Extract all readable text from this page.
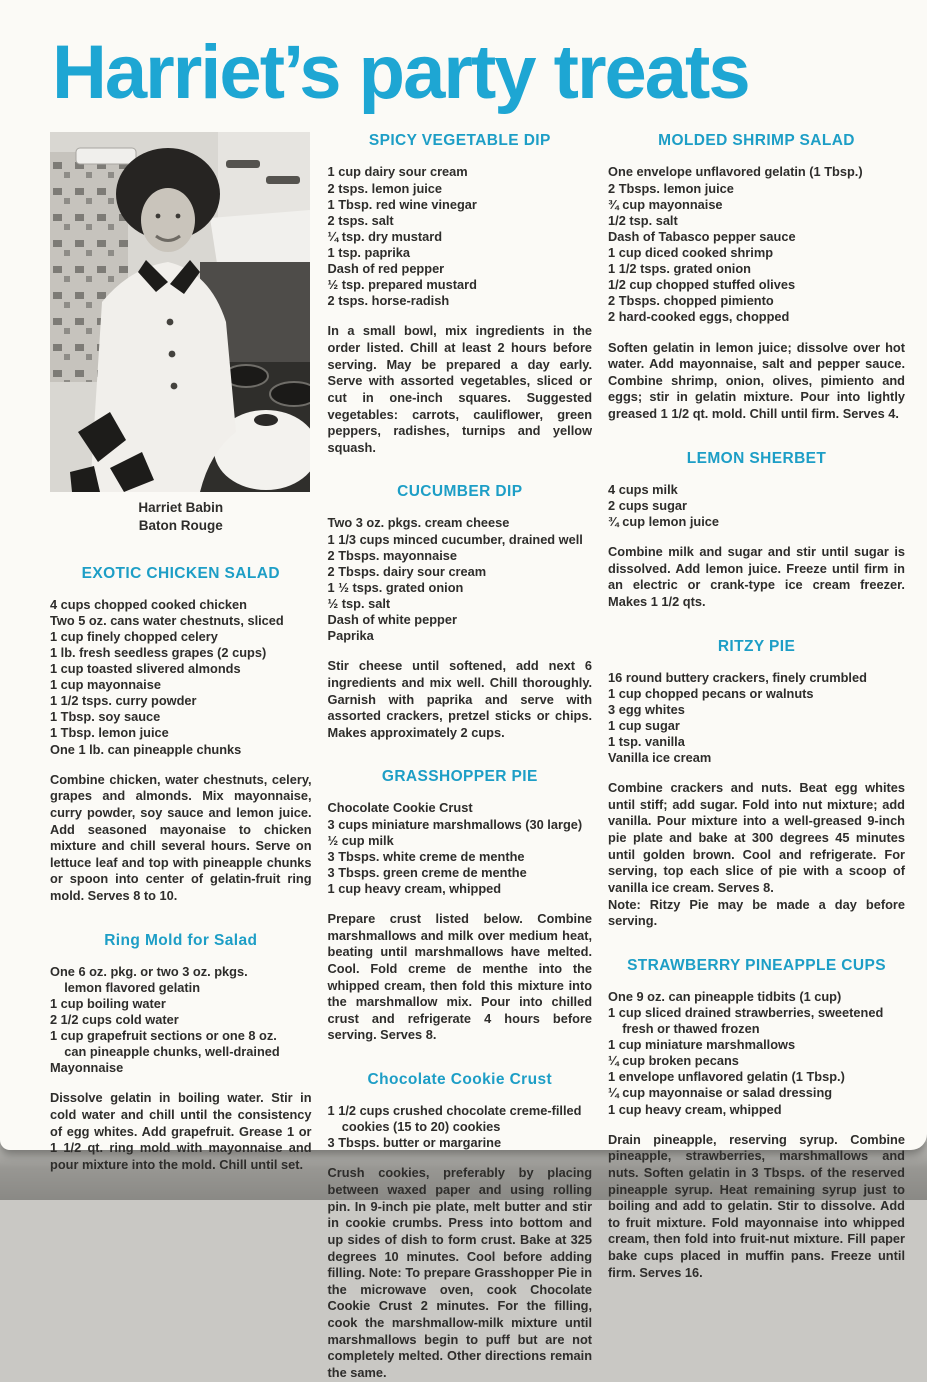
Harriet’s party treats
Harriet Babin
Baton Rouge
EXOTIC CHICKEN SALAD
4 cups chopped cooked chicken
Two 5 oz. cans water chestnuts, sliced
1 cup finely chopped celery
1 lb. fresh seedless grapes (2 cups)
1 cup toasted slivered almonds
1 cup mayonnaise
1 1/2 tsps. curry powder
1 Tbsp. soy sauce
1 Tbsp. lemon juice
One 1 lb. can pineapple chunks

Combine chicken, water chestnuts, celery, grapes and almonds. Mix mayonnaise, curry powder, soy sauce and lemon juice. Add seasoned mayonaise to chicken mixture and chill several hours. Serve on lettuce leaf and top with pineapple chunks or spoon into center of gelatin-fruit ring mold. Serves 8 to 10.

Ring Mold for Salad
One 6 oz. pkg. or two 3 oz. pkgs.
lemon flavored gelatin
1 cup boiling water
2 1/2 cups cold water
1 cup grapefruit sections or one 8 oz.
can pineapple chunks, well-drained
Mayonnaise

Dissolve gelatin in boiling water. Stir in cold water and chill until the consistency of egg whites. Add grapefruit. Grease 1 or 1 1/2 qt. ring mold with mayonnaise and pour mixture into the mold. Chill until set.

SPICY VEGETABLE DIP
1 cup dairy sour cream
2 tsps. lemon juice
1 Tbsp. red wine vinegar
2 tsps. salt
¼ tsp. dry mustard
1 tsp. paprika
Dash of red pepper
½ tsp. prepared mustard
2 tsps. horse-radish

In a small bowl, mix ingredients in the order listed. Chill at least 2 hours before serving. May be prepared a day early. Serve with assorted vegetables, sliced or cut in one-inch squares. Suggested vegetables: carrots, cauliflower, green peppers, radishes, turnips and yellow squash.

CUCUMBER DIP
Two 3 oz. pkgs. cream cheese
1 1/3 cups minced cucumber, drained well
2 Tbsps. mayonnaise
2 Tbsps. dairy sour cream
1 ½ tsps. grated onion
½ tsp. salt
Dash of white pepper
Paprika

Stir cheese until softened, add next 6 ingredients and mix well. Chill thoroughly. Garnish with paprika and serve with assorted crackers, pretzel sticks or chips. Makes approximately 2 cups.

GRASSHOPPER PIE
Chocolate Cookie Crust
3 cups miniature marshmallows (30 large)
½ cup milk
3 Tbsps. white creme de menthe
3 Tbsps. green creme de menthe
1 cup heavy cream, whipped

Prepare crust listed below. Combine marshmallows and milk over medium heat, beating until marshmallows have melted. Cool. Fold creme de menthe into the whipped cream, then fold this mixture into the marshmallow mix. Pour into chilled crust and refrigerate 4 hours before serving. Serves 8.

Chocolate Cookie Crust
1 1/2 cups crushed chocolate creme-filled
cookies (15 to 20) cookies
3 Tbsps. butter or margarine

Crush cookies, preferably by placing between waxed paper and using rolling pin. In 9-inch pie plate, melt butter and stir in cookie crumbs. Press into bottom and up sides of dish to form crust. Bake at 325 degrees 10 minutes. Cool before adding filling. Note: To prepare Grasshopper Pie in the microwave oven, cook Chocolate Cookie Crust 2 minutes. For the filling, cook the marshmallow-milk mixture until marshmallows begin to puff but are not completely melted. Other directions remain the same.

MOLDED SHRIMP SALAD
One envelope unflavored gelatin (1 Tbsp.)
2 Tbsps. lemon juice
¾ cup mayonnaise
1/2 tsp. salt
Dash of Tabasco pepper sauce
1 cup diced cooked shrimp
1 1/2 tsps. grated onion
1/2 cup chopped stuffed olives
2 Tbsps. chopped pimiento
2 hard-cooked eggs, chopped

Soften gelatin in lemon juice; dissolve over hot water. Add mayonnaise, salt and pepper sauce. Combine shrimp, onion, olives, pimiento and eggs; stir in gelatin mixture. Pour into lightly greased 1 1/2 qt. mold. Chill until firm. Serves 4.

LEMON SHERBET
4 cups milk
2 cups sugar
¾ cup lemon juice

Combine milk and sugar and stir until sugar is dissolved. Add lemon juice. Freeze until firm in an electric or crank-type ice cream freezer. Makes 1 1/2 qts.

RITZY PIE
16 round buttery crackers, finely crumbled
1 cup chopped pecans or walnuts
3 egg whites
1 cup sugar
1 tsp. vanilla
Vanilla ice cream

Combine crackers and nuts. Beat egg whites until stiff; add sugar. Fold into nut mixture; add vanilla. Pour mixture into a well-greased 9-inch pie plate and bake at 300 degrees 45 minutes until golden brown. Cool and refrigerate. For serving, top each slice of pie with a scoop of vanilla ice cream. Serves 8.

Note: Ritzy Pie may be made a day before serving.

STRAWBERRY PINEAPPLE CUPS
One 9 oz. can pineapple tidbits (1 cup)
1 cup sliced drained strawberries, sweetened
fresh or thawed frozen
1 cup miniature marshmallows
¼ cup broken pecans
1 envelope unflavored gelatin (1 Tbsp.)
¼ cup mayonnaise or salad dressing
1 cup heavy cream, whipped

Drain pineapple, reserving syrup. Combine pineapple, strawberries, marshmallows and nuts. Soften gelatin in 3 Tbsps. of the reserved pineapple syrup. Heat remaining syrup just to boiling and add to gelatin. Stir to dissolve. Add to fruit mixture. Fold mayonnaise into whipped cream, then fold into fruit-nut mixture. Fill paper bake cups placed in muffin pans. Freeze until firm. Serves 16.
